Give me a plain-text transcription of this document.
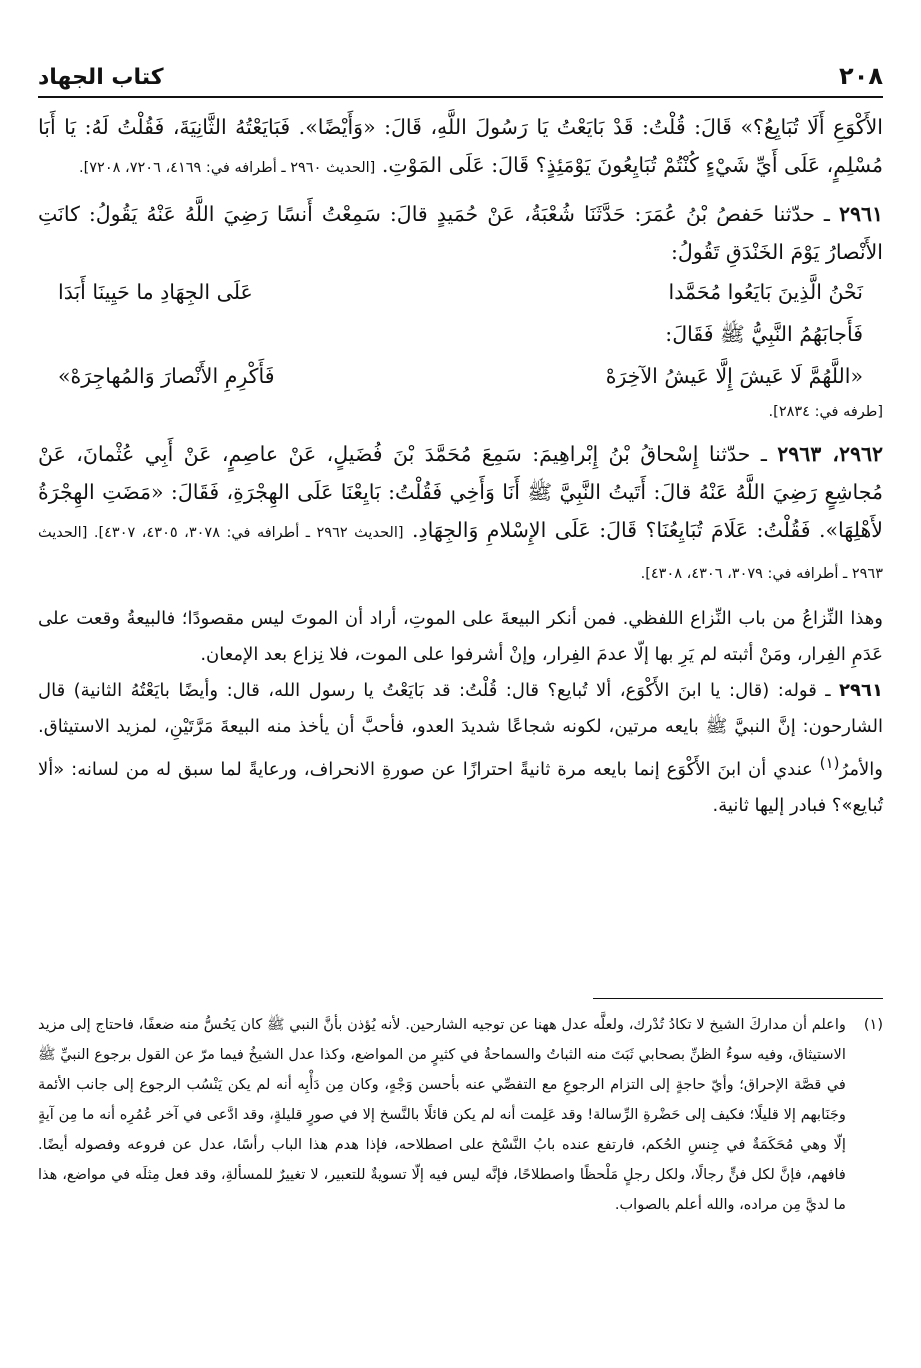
٢٠٨
كتاب الجهاد

الأَكْوَعِ أَلَا تُبَايِعُ؟» قَالَ: قُلْتُ: قَدْ بَايَعْتُ يَا رَسُولَ اللَّهِ، قَالَ: «وَأَيْضًا». فَبَايَعْتُهُ الثَّانِيَةَ، فَقُلْتُ لَهُ: يَا أَبَا مُسْلِمٍ، عَلَى أَيِّ شَيْءٍ كُنْتُمْ تُبَايِعُونَ يَوْمَئِذٍ؟ قَالَ: عَلَى المَوْتِ. [الحديث ٢٩٦٠ ـ أطرافه في: ٤١٦٩، ٧٢٠٦، ٧٢٠٨].

٢٩٦١ ـ حدّثنا حَفصُ بْنُ عُمَرَ: حَدَّثَنَا شُعْبَةُ، عَنْ حُمَيدٍ قالَ: سَمِعْتُ أَنسًا رَضِيَ اللَّهُ عَنْهُ يَقُولُ: كانَتِ الأَنْصارُ يَوْمَ الخَنْدَقِ تَقُولُ:

نَحْنُ الَّذِينَ بَايَعُوا مُحَمَّدا
عَلَى الجِهَادِ ما حَيِينَا أَبَدَا
فَأَجابَهُمُ النَّبِيُّ ﷺ فَقَالَ:
«اللَّهُمَّ لَا عَيشَ إِلَّا عَيشُ الآخِرَهْ
فَأَكْرِمِ الأَنْصارَ وَالمُهاجِرَهْ»

[طرفه في: ٢٨٣٤].

٢٩٦٢، ٢٩٦٣ ـ حدّثنا إِسْحاقُ بْنُ إِبْراهِيمَ: سَمِعَ مُحَمَّدَ بْنَ فُضَيلٍ، عَنْ عاصِمٍ، عَنْ أَبِي عُثْمانَ، عَنْ مُجاشِعٍ رَضِيَ اللَّهُ عَنْهُ قالَ: أَتَيتُ النَّبِيَّ ﷺ أَنَا وَأَخِي فَقُلْتُ: بَايِعْنَا عَلَى الهِجْرَةِ، فَقَالَ: «مَضَتِ الهِجْرَةُ لأَهْلِهَا». فَقُلْتُ: عَلَامَ تُبَايِعُنَا؟ قَالَ: عَلَى الإِسْلامِ وَالجِهَادِ. [الحديث ٢٩٦٢ ـ أطرافه في: ٣٠٧٨، ٤٣٠٥، ٤٣٠٧]. [الحديث ٢٩٦٣ ـ أطرافه في: ٣٠٧٩، ٤٣٠٦، ٤٣٠٨].

وهذا النِّزاعُ من باب النِّزاع اللفظي. فمن أنكر البيعةَ على الموتِ، أراد أن الموتَ ليس مقصودًا؛ فالبيعةُ وقعت على عَدَمِ الفِرار، ومَنْ أثبته لم يَرِ بها إلّا عدمَ الفِرار، وإنْ أشرفوا على الموت، فلا نِزاع بعد الإمعان.

٢٩٦١ ـ قوله: (قال: يا ابنَ الأَكْوَع، ألا تُبايع؟ قال: قُلْتُ: قد بَايَعْتُ يا رسول الله، قال: وأيضًا بايَعْتُهُ الثانية) قال الشارحون: إنَّ النبيَّ ﷺ بايعه مرتين، لكونه شجاعًا شديدَ العدو، فأحبَّ أن يأخذ منه البيعةَ مَرَّتَيْنِ، لمزيد الاستيثاق. والأمرُ$^{(١)}$ عندي أن ابنَ الأَكْوَع إنما بايعه مرة ثانيةً احترازًا عن صورةِ الانحراف، ورعايةً لما سبق له من لسانه: «ألا تُبايع»؟ فبادر إليها ثانية.

(١)
واعلم أن مداركَ الشيخ لا تكادُ تُدْرك، ولعلَّه عدل ههنا عن توجيه الشارحين. لأنه يُؤذن بأنَّ النبي ﷺ كان يَحُسُّ منه ضعفًا، فاحتاج إلى مزيد الاستيثاق، وفيه سوءُ الظنِّ بصحابي ثَبَتَ منه الثباتُ والسماحةُ في كثيرٍ من المواضع، وكذا عدل الشيخُ فيما مرّ عن القول برجوع النبيِّ ﷺ في قصَّة الإحراق؛ وأيّ حاجةٍ إلى التزام الرجوعِ مع التفصِّي عنه بأحسن وَجْهٍ، وكان مِن دَأْبِه أنه لم يكن يَنْسُب الرجوع إلى جانب الأئمة وجَنَابهم إلا قليلًا؛ فكيف إلى حَضْرةِ الرِّسالة! وقد عَلِمت أنه لم يكن قائلًا بالنَّسخ إلا في صورٍ قليلةٍ، وقد ادَّعى في آخر عُمُرِه أنه ما مِن آيةٍ إلّا وهي مُحَكَمَةٌ في جِنسِ الحُكم، فارتفع عنده بابُ النَّسْخ على اصطلاحه، فإذا هدم هذا الباب رأسًا، عدل عن فروعه وفصوله أيضًا. فافهم، فإنَّ لكل فنٍّ رجالًا، ولكل رجلٍ مَلْحظًا واصطلاحًا، فإنَّه ليس فيه إلّا تسويةٌ للتعبير، لا تغييرٌ للمسألةِ، وقد فعل مِثلَه في مواضع، هذا ما لديَّ مِن مراده، والله أعلم بالصواب.
